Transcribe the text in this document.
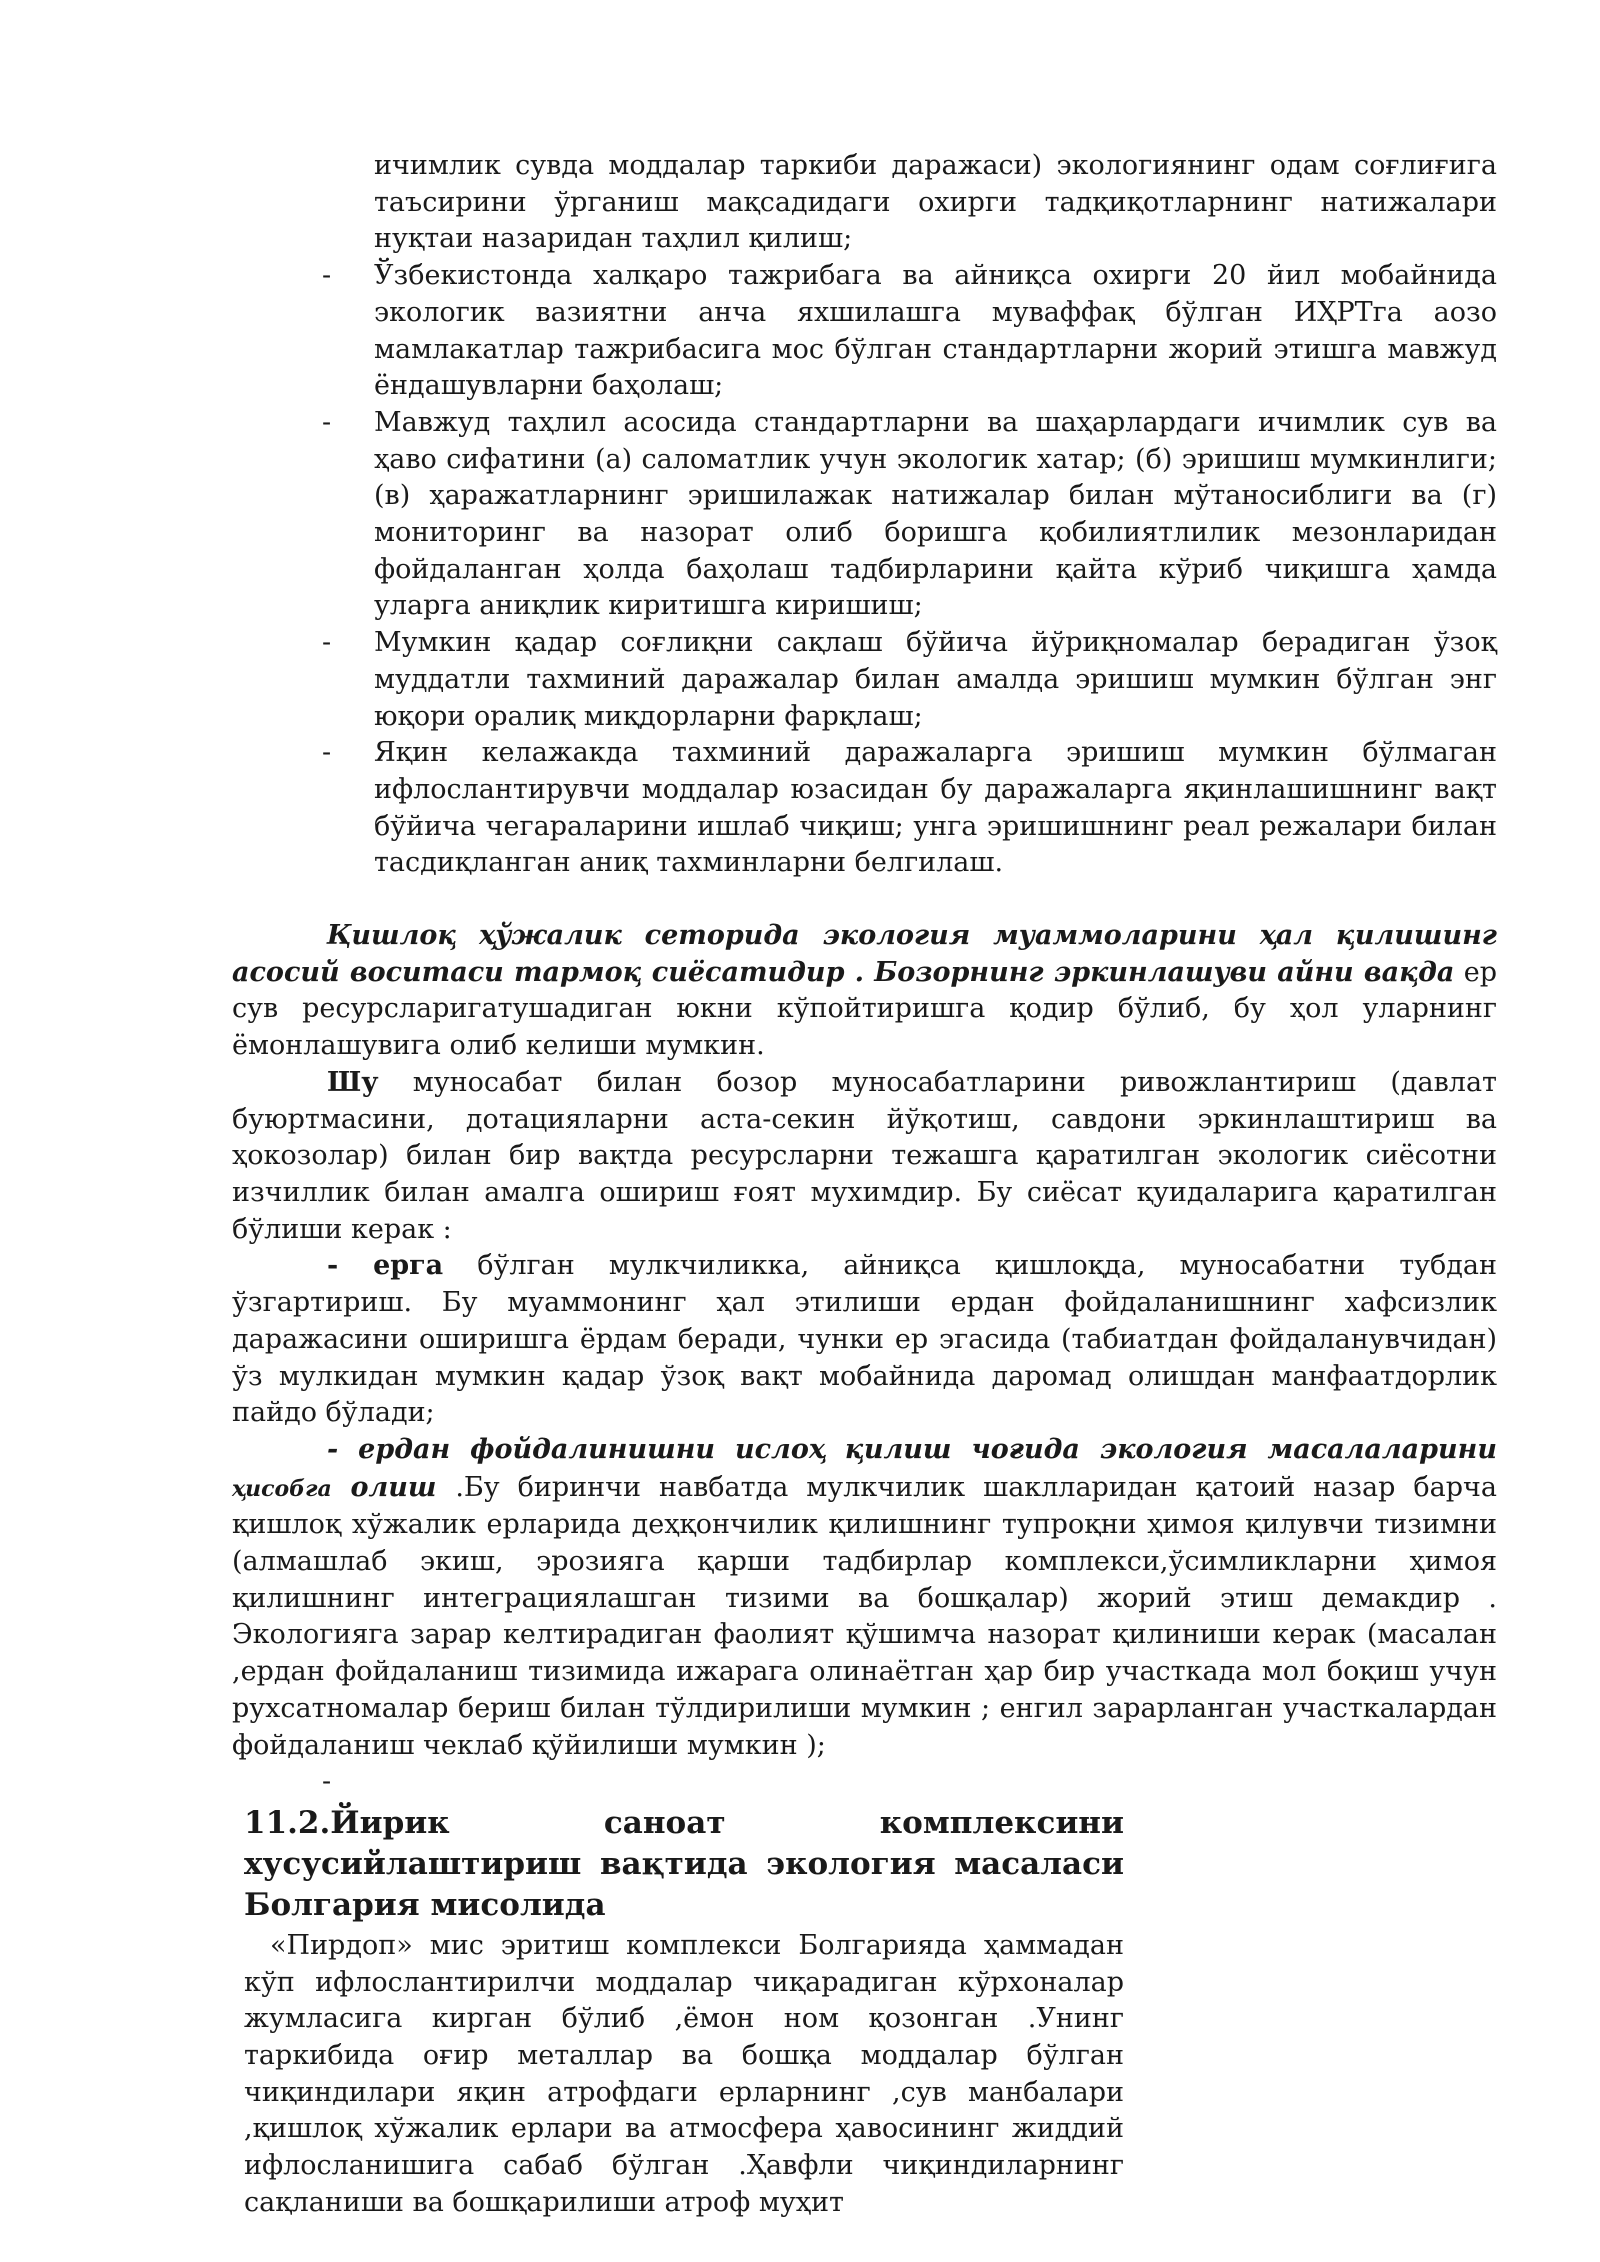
ичимлик сувда моддалар таркиби даражаси) экологиянинг одам соғлиғига таъсирини ўрганиш мақсадидаги охирги тадқиқотларнинг натижалари нуқтаи назаридан таҳлил қилиш;

- Ўзбекистонда халқаро тажрибага ва айниқса охирги 20 йил мобайнида экологик вазиятни анча яхшилашга муваффақ бўлган ИҲРТга аозо мамлакатлар тажрибасига мос бўлган стандартларни жорий этишга мавжуд ёндашувларни баҳолаш;
- Мавжуд таҳлил асосида стандартларни ва шаҳарлардаги ичимлик сув ва ҳаво сифатини (а) саломатлик учун экологик хатар; (б) эришиш мумкинлиги; (в) ҳаражатларнинг эришилажак натижалар билан мўтаносиблиги ва (г) мониторинг ва назорат олиб боришга қобилиятлилик мезонларидан фойдаланган ҳолда баҳолаш тадбирларини қайта кўриб чиқишга ҳамда уларга аниқлик киритишга киришиш;
- Мумкин қадар соғлиқни сақлаш бўйича йўриқномалар берадиган ўзоқ муддатли тахминий даражалар билан амалда эришиш мумкин бўлган энг юқори оралиқ миқдорларни фарқлаш;
- Яқин келажакда тахминий даражаларга эришиш мумкин бўлмаган ифлослантирувчи моддалар юзасидан бу даражаларга яқинлашишнинг вақт бўйича чегараларини ишлаб чиқиш; унга эришишнинг реал режалари билан тасдиқланган аниқ тахминларни белгилаш.

Қишлоқ ҳўжалик сеторида экология муаммоларини ҳал қилишинг асосий воситаси тармоқ сиёсатидир . Бозорнинг эркинлашуви айни вақда ер сув ресурсларигатушадиган юкни кўпойтиришга қодир бўлиб, бу ҳол уларнинг ёмонлашувига олиб келиши мумкин.

Шу муносабат билан бозор муносабатларини ривожлантириш (давлат буюртмасини, дотацияларни аста-секин йўқотиш, савдони эркинлаштириш ва ҳокозолар) билан бир вақтда ресурсларни тежашга қаратилган экологик сиёсотни изчиллик билан амалга ошириш ғоят мухимдир. Бу сиёсат қуидаларига қаратилган бўлиши керак :

- ерга бўлган мулкчиликка, айниқса қишлоқда, муносабатни тубдан ўзгартириш. Бу муаммонинг ҳал этилиши ердан фойдаланишнинг хафсизлик даражасини оширишга ёрдам беради, чунки ер эгасида (табиатдан фойдаланувчидан) ўз мулкидан мумкин қадар ўзоқ вақт мобайнида даромад олишдан манфаатдорлик пайдо бўлади;

- ердан фойдалинишни ислоҳ қилиш чоғида экология масалаларини ҳисобга олиш .Бу биринчи навбатда мулкчилик шаклларидан қатоий назар барча қишлоқ хўжалик ерларида деҳқончилик қилишнинг тупроқни ҳимоя қилувчи тизимни (алмашлаб экиш, эрозияга қарши тадбирлар комплекси,ўсимликларни ҳимоя қилишнинг интеграциялашган тизими ва бошқалар) жорий этиш демакдир . Экологияга зарар келтирадиган фаолият қўшимча назорат қилиниши керак (масалан ,ердан фойдаланиш тизимида ижарага олинаётган ҳар бир участкада мол боқиш учун рухсатномалар бериш билан тўлдирилиши мумкин ; енгил зарарланган участкалардан фойдаланиш чеклаб қўйилиши мумкин );

-
11.2.Йирик саноат комплексини хусусийлаштириш вақтида экология масаласи Болгария мисолида

«Пирдоп» мис эритиш комплекси Болгарияда ҳаммадан кўп ифлослантирилчи моддалар чиқарадиган кўрхоналар жумласига кирган бўлиб ,ёмон ном қозонган .Унинг таркибида оғир металлар ва бошқа моддалар бўлган чиқиндилари яқин атрофдаги ерларнинг ,сув манбалари ,қишлоқ хўжалик ерлари ва атмосфера ҳавосининг жиддий ифлосланишига сабаб бўлган .Ҳавфли чиқиндиларнинг сақланиши ва бошқарилиши атроф муҳит
